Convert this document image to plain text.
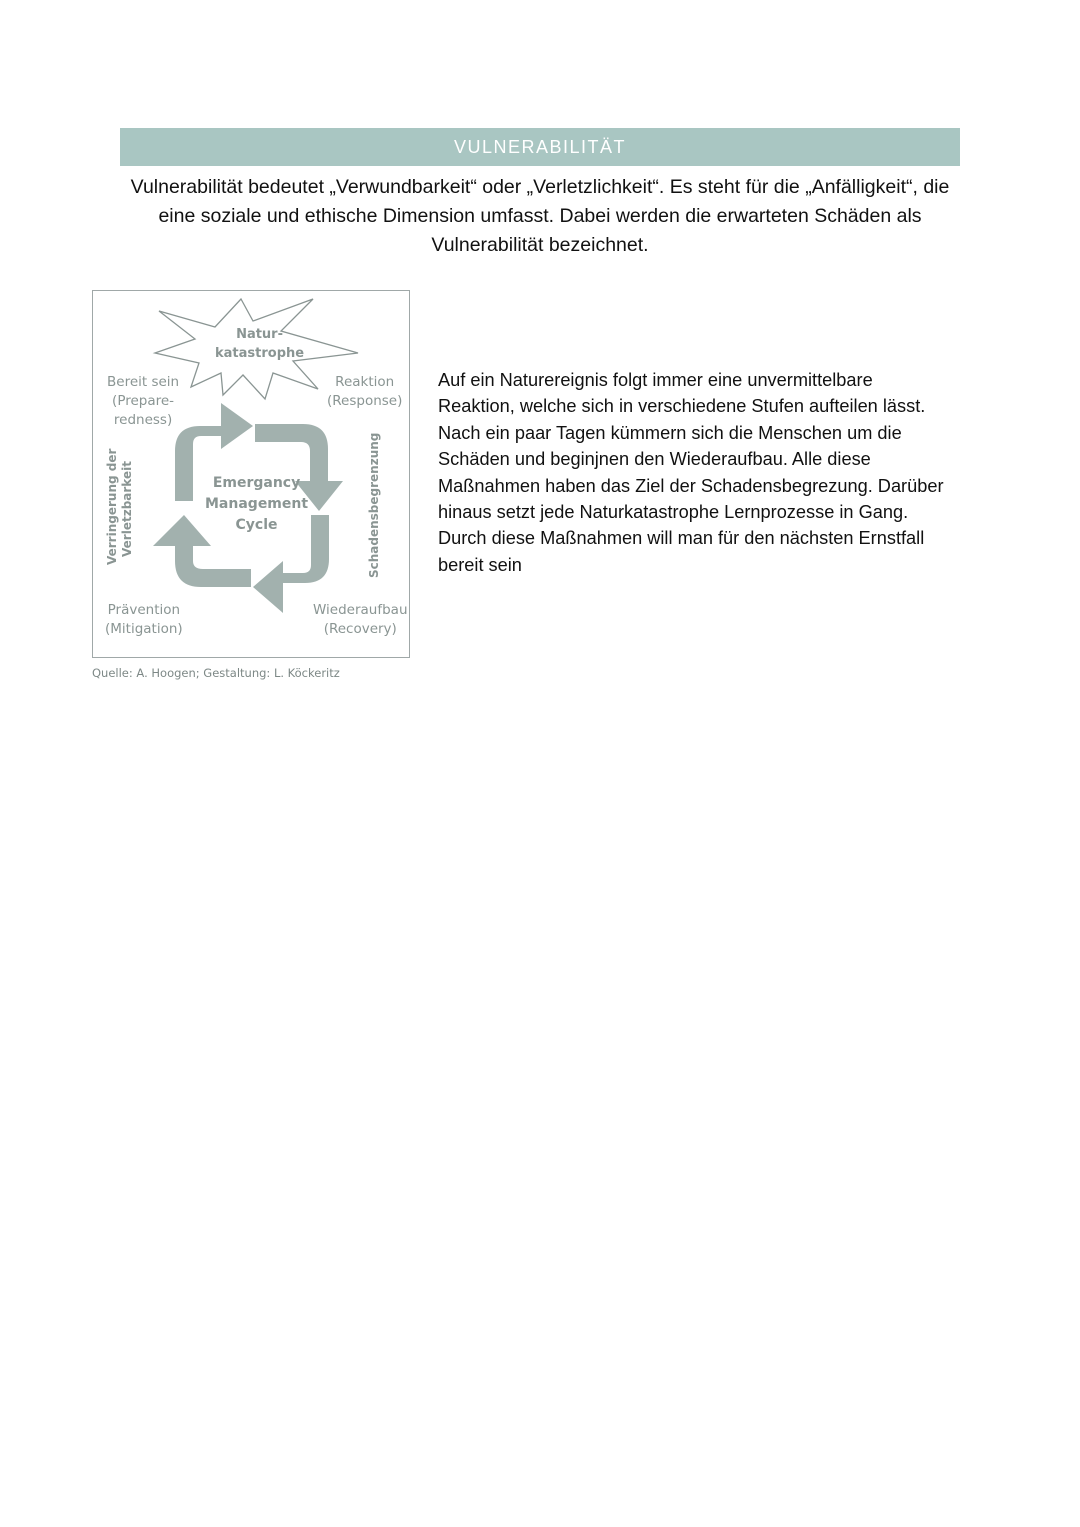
VULNERABILITÄT
Vulnerabilität bedeutet „Verwundbarkeit“ oder „Verletzlichkeit“. Es steht für die „Anfälligkeit“, die eine soziale und ethische Dimension umfasst. Dabei werden die erwarteten Schäden als Vulnerabilität bezeichnet.
Natur-
katastrophe
Bereit sein
(Prepare-
redness)
Reaktion
(Response)
Prävention
(Mitigation)
Wiederaufbau
(Recovery)
Emergancy
Management
Cycle
Verringerung der
Verletzbarkeit	Schadensbegrenzung
Quelle: A. Hoogen; Gestaltung: L. Köckeritz
Auf ein Naturereignis folgt immer eine unvermittelbare Reaktion, welche sich in verschiedene Stufen aufteilen lässt. Nach ein paar Tagen kümmern sich die Menschen um die Schäden und beginjnen den Wiederaufbau. Alle diese Maßnahmen haben das Ziel der Schadensbegrezung. Darüber hinaus setzt jede Naturkatastrophe Lernprozesse in Gang. Durch diese Maßnahmen will man für den nächsten Ernstfall bereit sein
